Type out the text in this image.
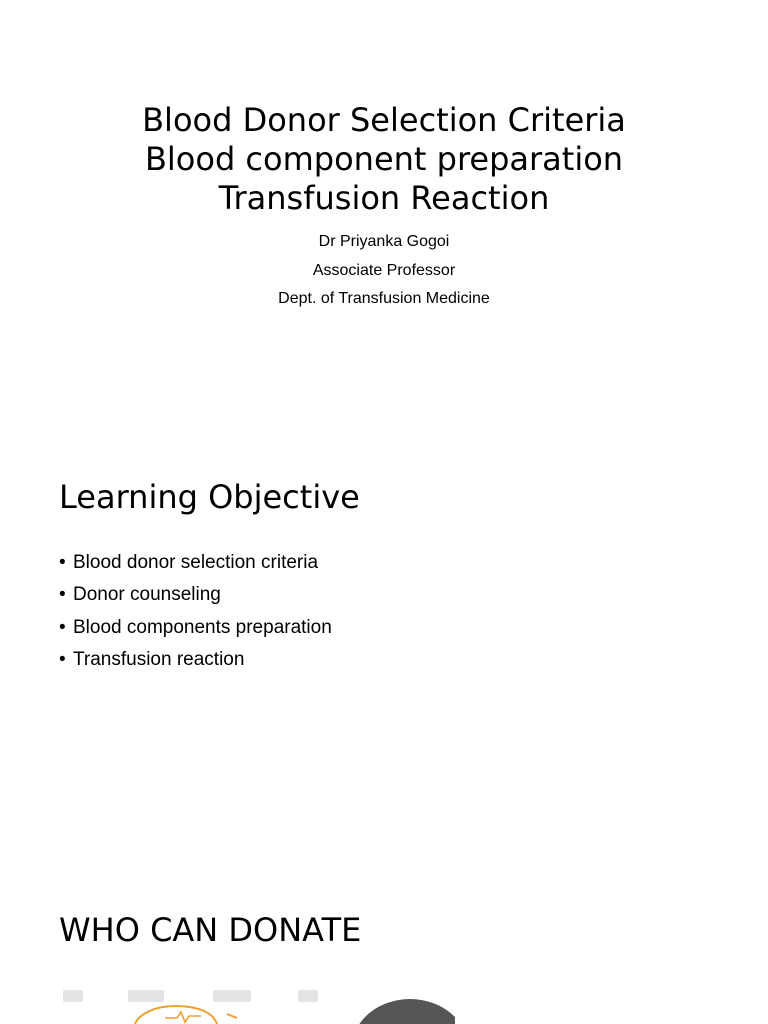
Blood Donor Selection Criteria
Blood component preparation
Transfusion Reaction
Dr Priyanka Gogoi
Associate Professor
Dept. of Transfusion Medicine
Learning Objective
• Blood donor selection criteria
• Donor counseling
• Blood components preparation
• Transfusion reaction
WHO CAN DONATE
